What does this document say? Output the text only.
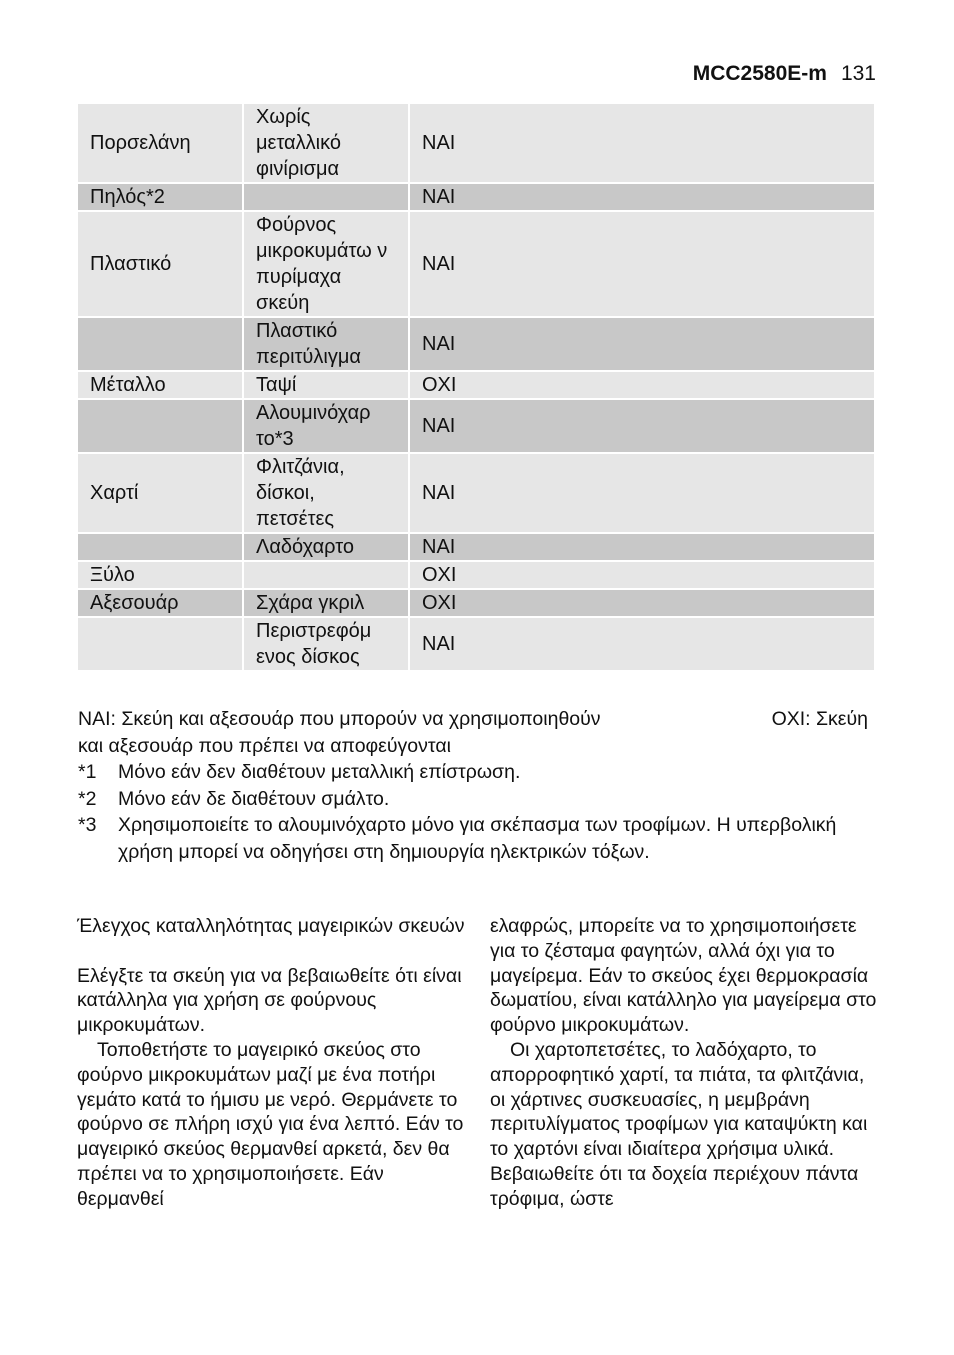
MCC2580E-m 131
Πορσελάνη	Χωρίς μεταλλικό φινίρισμα	ΝΑΙ
Πηλός*2		ΝΑΙ
Πλαστικό	Φούρνος μικροκυμάτω ν πυρίμαχα σκεύη	ΝΑΙ
	Πλαστικό περιτύλιγμα	ΝΑΙ
Μέταλλο	Ταψί	ΟΧΙ
	Αλουμινόχαρ το*3	ΝΑΙ
Χαρτί	Φλιτζάνια, δίσκοι, πετσέτες	ΝΑΙ
	Λαδόχαρτο	ΝΑΙ
Ξύλο		ΟΧΙ
Αξεσουάρ	Σχάρα γκριλ	ΟΧΙ
	Περιστρεφόμ ενος δίσκος	ΝΑΙ
ΝΑΙ: Σκεύη και αξεσουάρ που μπορούν να χρησιμοποιηθούν	ΟΧΙ: Σκεύη
και αξεσουάρ που πρέπει να αποφεύγονται
*1	Μόνο εάν δεν διαθέτουν μεταλλική επίστρωση.
*2	Μόνο εάν δε διαθέτουν σμάλτο.
*3	Χρησιμοποιείτε το αλουμινόχαρτο μόνο για σκέπασμα των τροφίμων. Η υπερβολική χρήση μπορεί να οδηγήσει στη δημιουργία ηλεκτρικών τόξων.

Έλεγχος καταλληλότητας μαγειρικών σκευών

Ελέγξτε τα σκεύη για να βεβαιωθείτε ότι είναι κατάλληλα για χρήση σε φούρνους μικροκυμάτων.

Τοποθετήστε το μαγειρικό σκεύος στο φούρνο μικροκυμάτων μαζί με ένα ποτήρι γεμάτο κατά το ήμισυ με νερό. Θερμάνετε το φούρνο σε πλήρη ισχύ για ένα λεπτό. Εάν το μαγειρικό σκεύος θερμανθεί αρκετά, δεν θα πρέπει να το χρησιμοποιήσετε. Εάν θερμανθεί

ελαφρώς, μπορείτε να το χρησιμοποιήσετε για το ζέσταμα φαγητών, αλλά όχι για το μαγείρεμα. Εάν το σκεύος έχει θερμοκρασία δωματίου, είναι κατάλληλο για μαγείρεμα στο φούρνο μικροκυμάτων.

Οι χαρτοπετσέτες, το λαδόχαρτο, το απορροφητικό χαρτί, τα πιάτα, τα φλιτζάνια, οι χάρτινες συσκευασίες, η μεμβράνη περιτυλίγματος τροφίμων για καταψύκτη και το χαρτόνι είναι ιδιαίτερα χρήσιμα υλικά. Βεβαιωθείτε ότι τα δοχεία περιέχουν πάντα τρόφιμα, ώστε
